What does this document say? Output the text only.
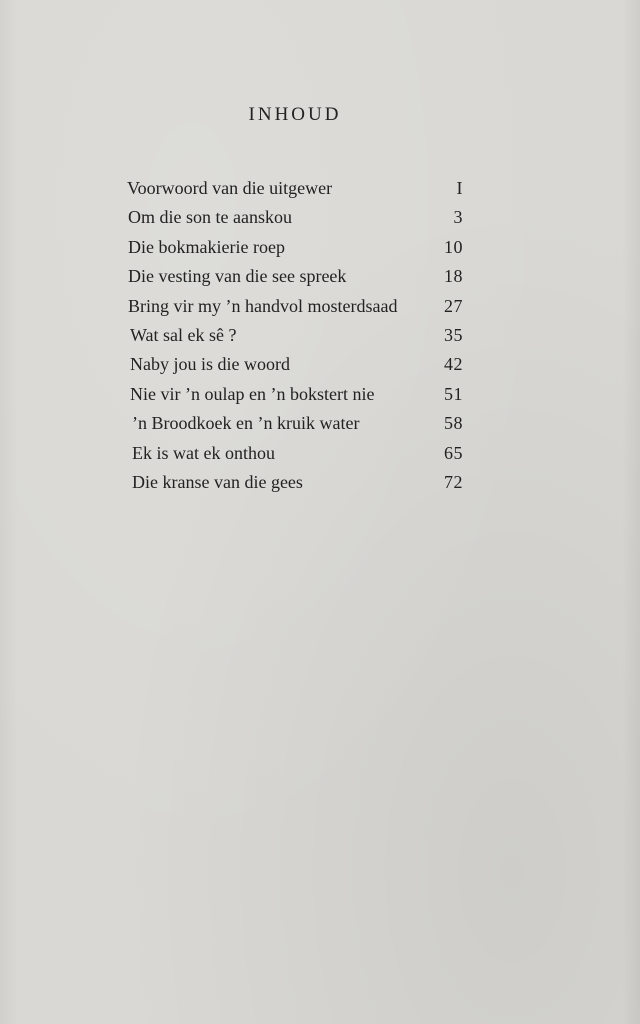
INHOUD
Voorwoord van die uitgewer	I
Om die son te aanskou	3
Die bokmakierie roep	10
Die vesting van die see spreek	18
Bring vir my ’n handvol mosterdsaad	27
Wat sal ek sê ?	35
Naby jou is die woord	42
Nie vir ’n oulap en ’n bokstert nie	51
’n Broodkoek en ’n kruik water	58
Ek is wat ek onthou	65
Die kranse van die gees	72
